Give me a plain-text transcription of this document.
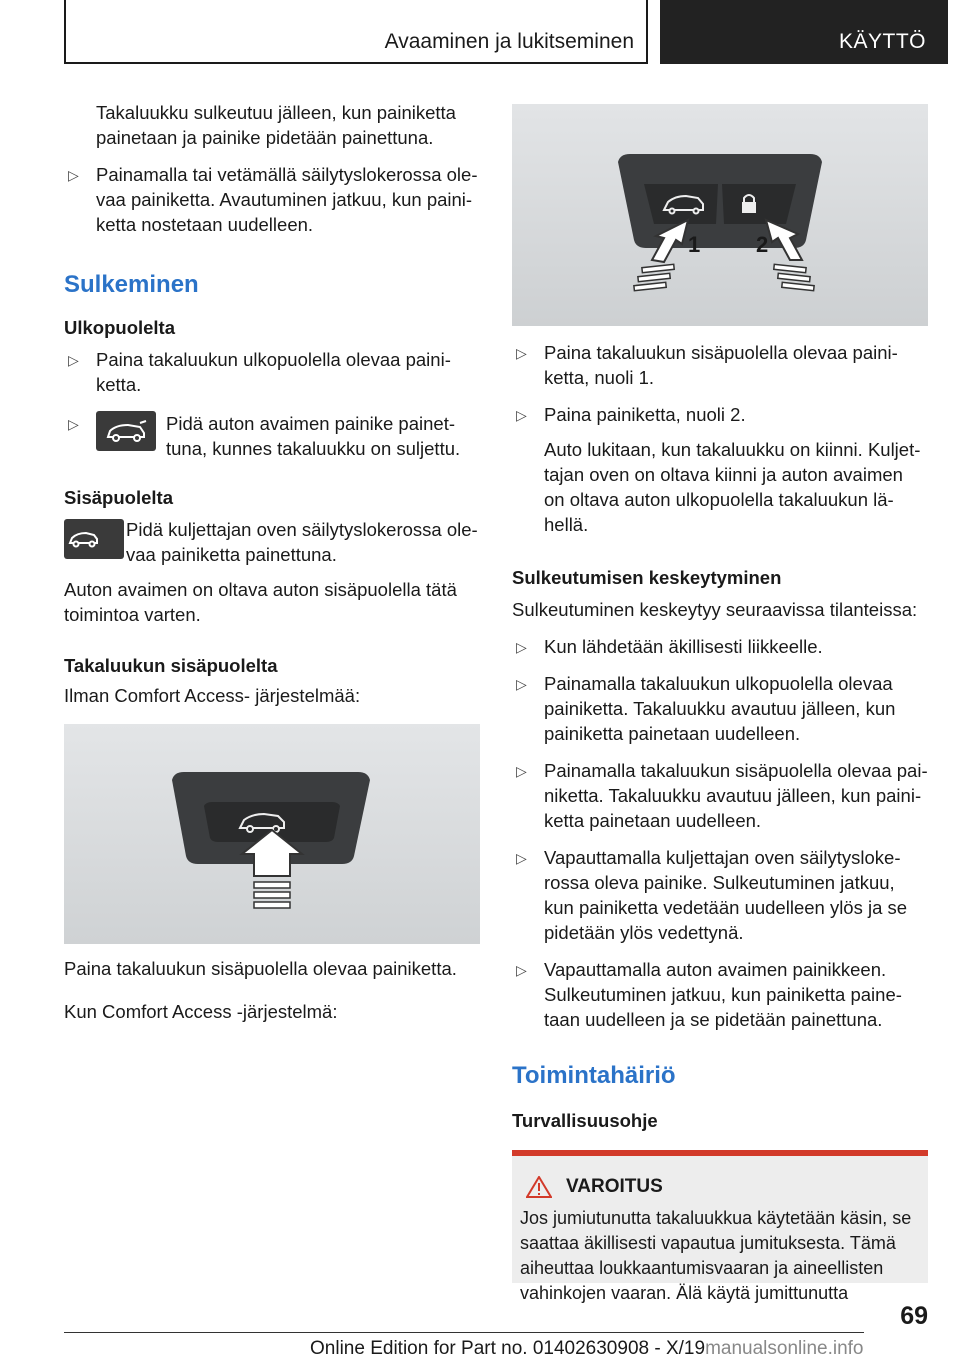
Avaaminen ja lukitseminen	KÄYTTÖ

Takaluukku sulkeutuu jälleen, kun painiketta painetaan ja painike pidetään painettuna.

▷ Painamalla tai vetämällä säilytyslokerossa olevaa painiketta. Avautuminen jatkuu, kun painiketta nostetaan uudelleen.
Sulkeminen
Ulkopuolelta
▷ Paina takaluukun ulkopuolella olevaa painiketta.
▷	Pidä auton avaimen painike painettuna, kunnes takaluukku on suljettu.
Sisäpuolelta

Pidä kuljettajan oven säilytyslokerossa olevaa painiketta painettuna.

Auton avaimen on oltava auton sisäpuolella tätä toimintoa varten.

Takaluukun sisäpuolelta

Ilman Comfort Access- järjestelmää:

Paina takaluukun sisäpuolella olevaa painiketta.

Kun Comfort Access -järjestelmä:

1	2
▷ Paina takaluukun sisäpuolella olevaa painiketta, nuoli 1.
▷ Paina painiketta, nuoli 2.

Auto lukitaan, kun takaluukku on kiinni. Kuljettajan oven on oltava kiinni ja auton avaimen on oltava auton ulkopuolella takaluukun lähellä.

Sulkeutumisen keskeytyminen

Sulkeutuminen keskeytyy seuraavissa tilanteissa:

▷ Kun lähdetään äkillisesti liikkeelle.
▷ Painamalla takaluukun ulkopuolella olevaa painiketta. Takaluukku avautuu jälleen, kun painiketta painetaan uudelleen.
▷ Painamalla takaluukun sisäpuolella olevaa painiketta. Takaluukku avautuu jälleen, kun painiketta painetaan uudelleen.
▷ Vapauttamalla kuljettajan oven säilytyslokerossa oleva painike. Sulkeutuminen jatkuu, kun painiketta vedetään uudelleen ylös ja se pidetään ylös vedettynä.
▷ Vapauttamalla auton avaimen painikkeen. Sulkeutuminen jatkuu, kun painiketta painetaan uudelleen ja se pidetään painettuna.
Toimintahäiriö
Turvallisuusohje
VAROITUS

Jos jumiutunutta takaluukkua käytetään käsin, se saattaa äkillisesti vapautua jumituksesta. Tämä aiheuttaa loukkaantumisvaaran ja aineellisten vahinkojen vaaran. Älä käytä jumittunutta

69
Online Edition for Part no. 01402630908 - X/19manualsonline.info
